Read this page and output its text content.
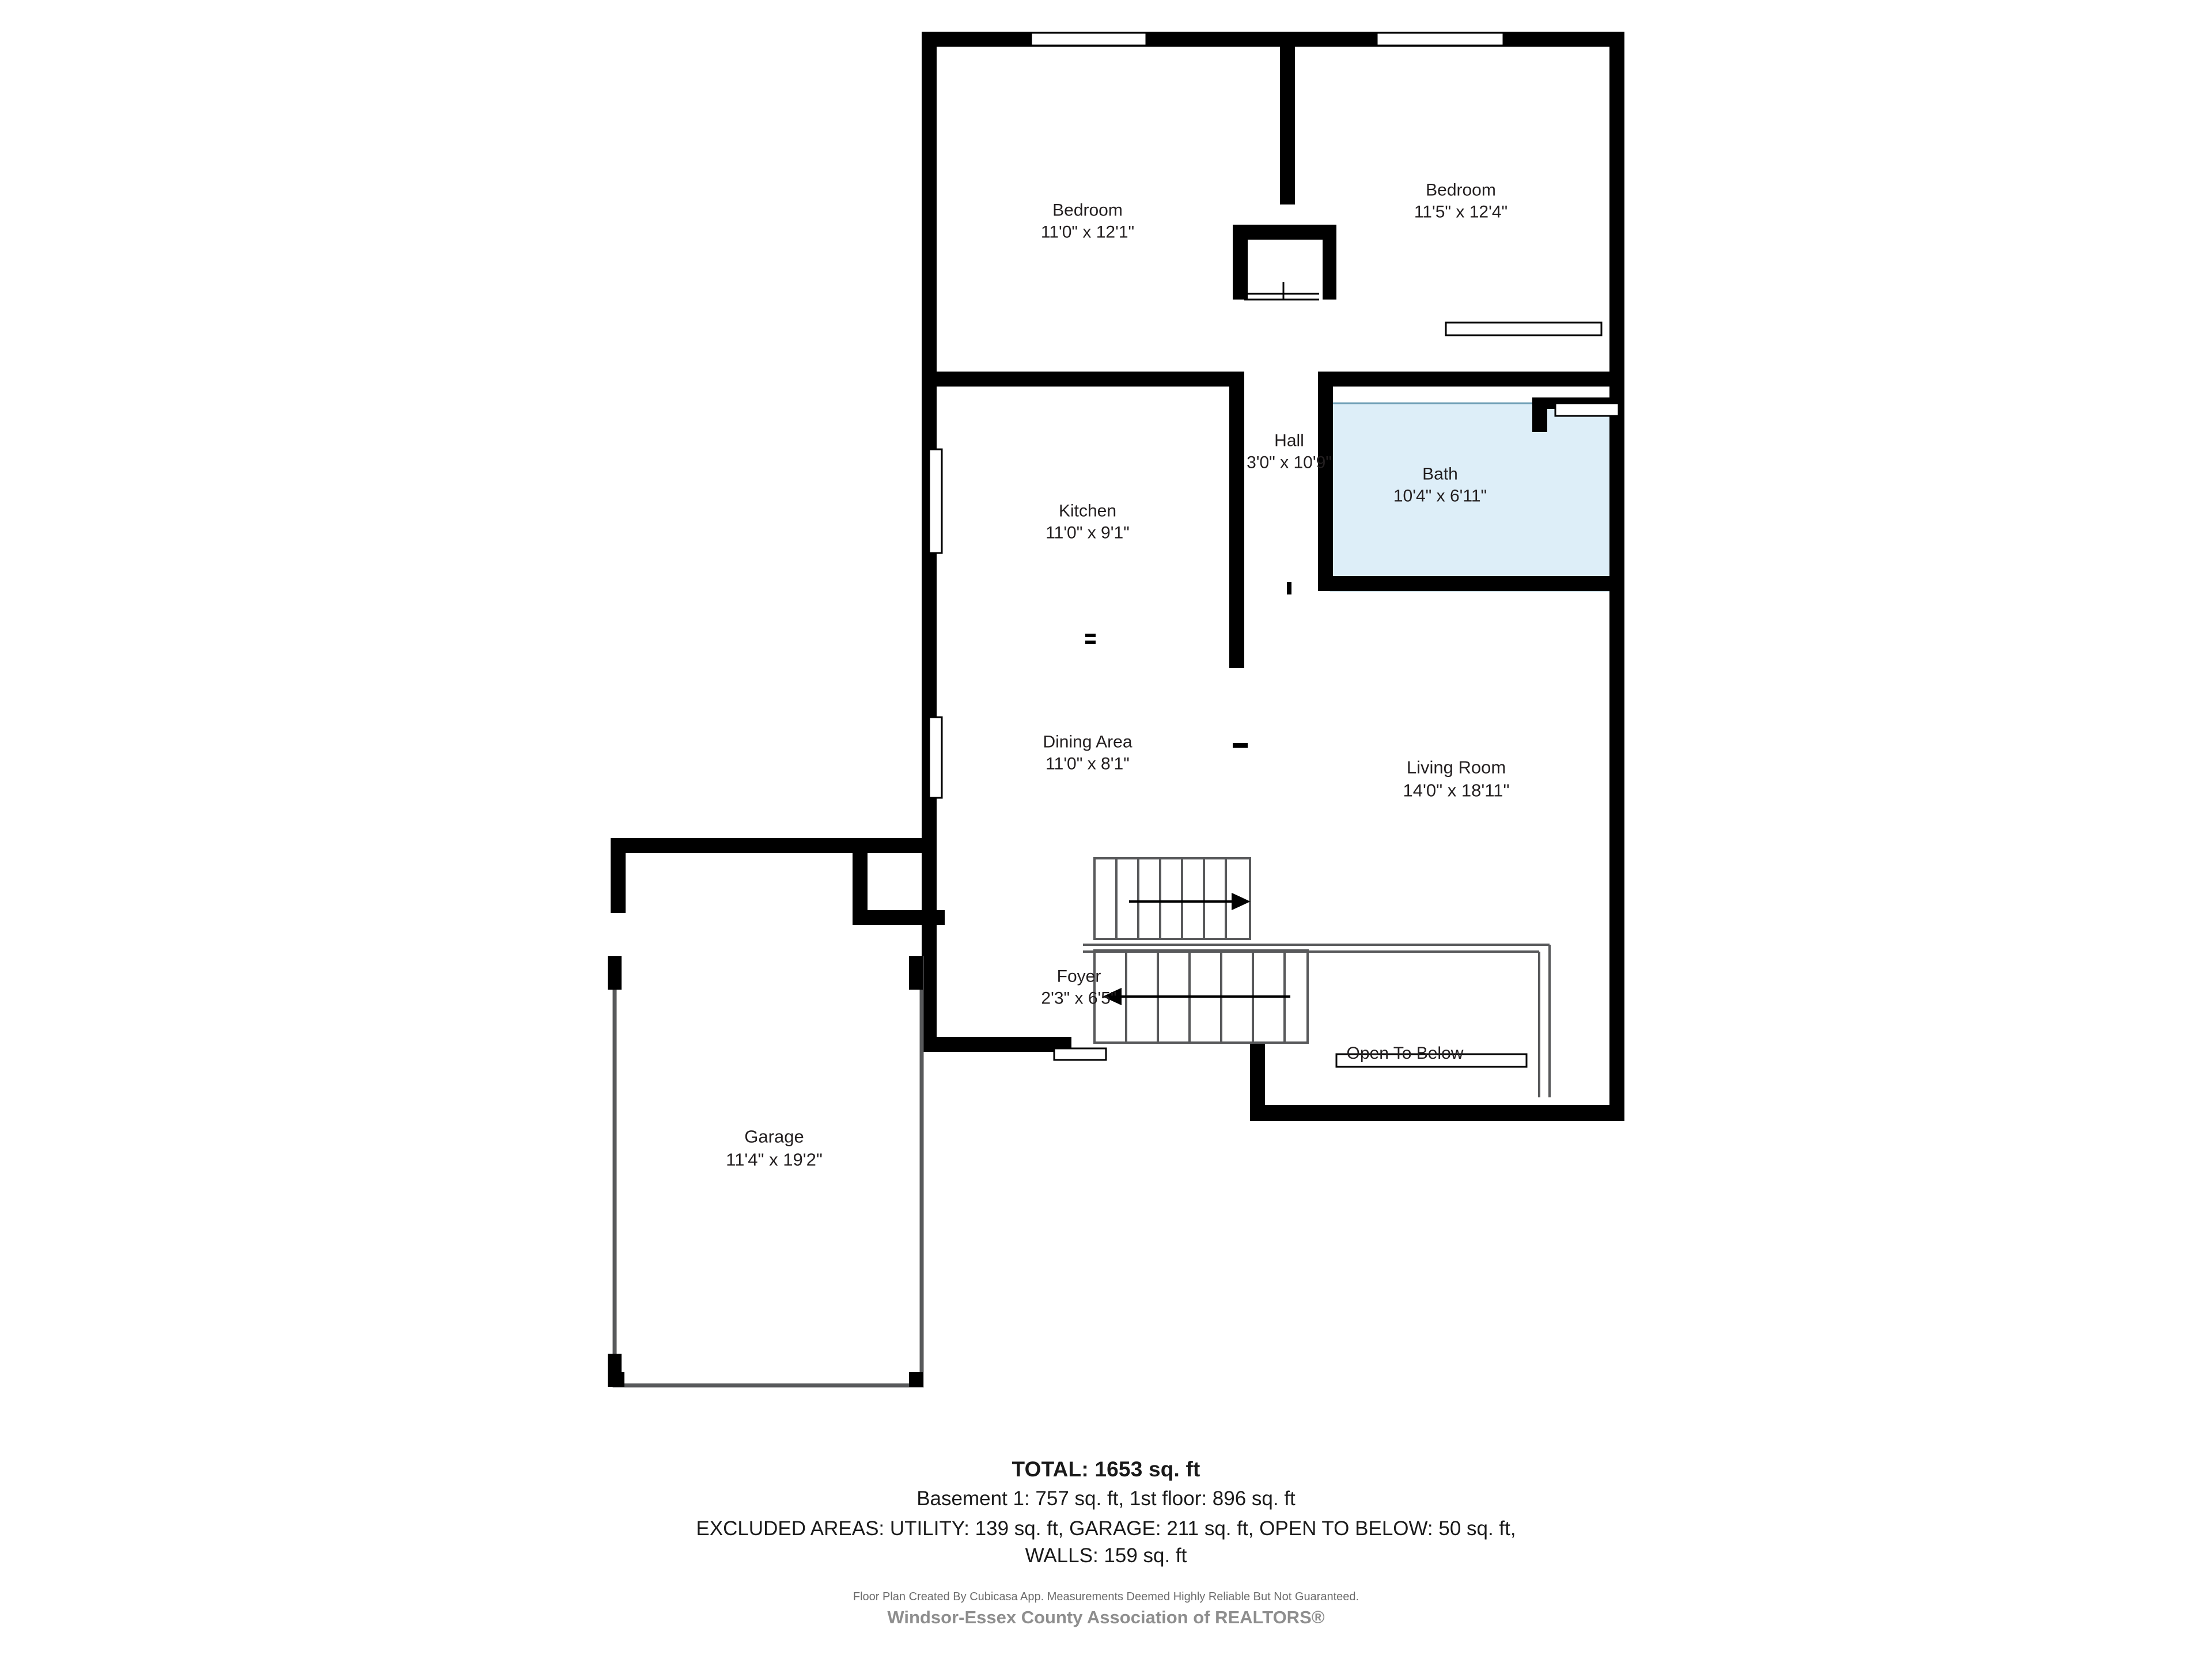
Bedroom
11'0" x 12'1"
Bedroom
11'5" x 12'4"
Hall
3'0" x 10'9"
Bath
10'4" x 6'11"
Kitchen
11'0" x 9'1"
Dining Area
11'0" x 8'1"	Living Room
14'0" x 18'11"
Foyer
2'3" x 6'5"
Open To Below
Garage
11'4" x 19'2"
TOTAL: 1653 sq. ft
Basement 1: 757 sq. ft, 1st floor: 896 sq. ft
EXCLUDED AREAS: UTILITY: 139 sq. ft, GARAGE: 211 sq. ft, OPEN TO BELOW: 50 sq. ft,
WALLS: 159 sq. ft
Floor Plan Created By Cubicasa App. Measurements Deemed Highly Reliable But Not Guaranteed.
Windsor-Essex County Association of REALTORS®
